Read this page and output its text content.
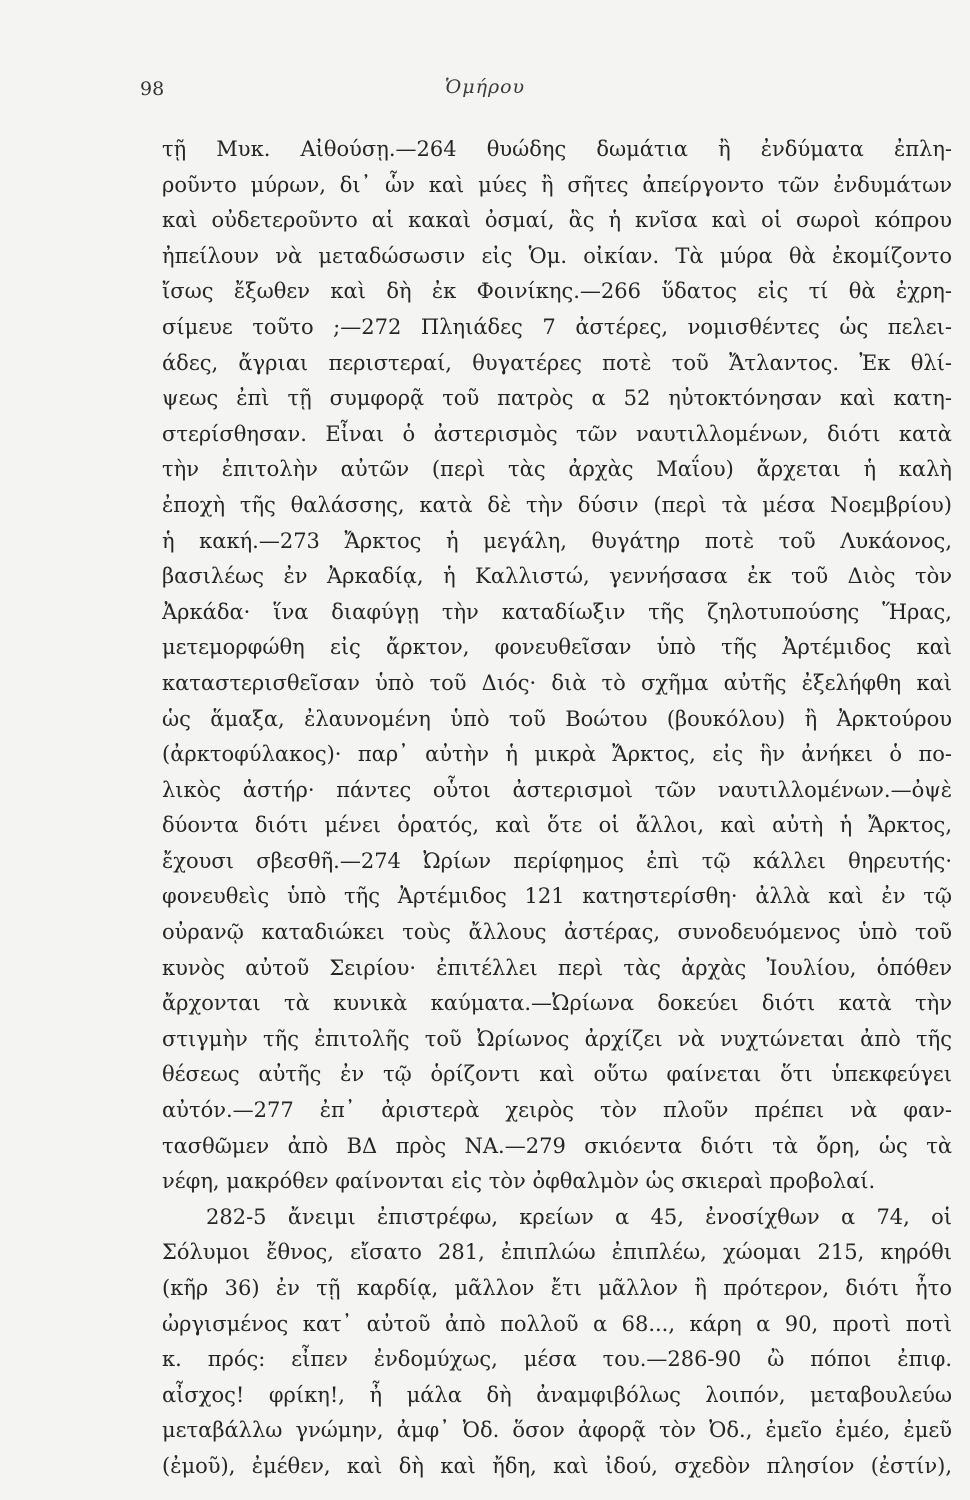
98	Ὁμήρου
τῇ Μυκ. Αἰθούσῃ.—264 θυώδης δωμάτια ἢ ἐνδύματα ἐπλη-
ροῦντο μύρων, δι᾽ ὧν καὶ μύες ἢ σῆτες ἀπείργοντο τῶν ἐνδυμάτων
καὶ οὐδετεροῦντο αἱ κακαὶ ὀσμαί, ἃς ἡ κνῖσα καὶ οἱ σωροὶ κόπρου
ἠπείλουν νὰ μεταδώσωσιν εἰς Ὁμ. οἰκίαν. Τὰ μύρα θὰ ἐκομίζοντο
ἴσως ἔξωθεν καὶ δὴ ἐκ Φοινίκης.—266 ὕδατος εἰς τί θὰ ἐχρη-
σίμευε τοῦτο ;—272 Πληιάδες 7 ἀστέρες, νομισθέντες ὡς πελει-
άδες, ἄγριαι περιστεραί, θυγατέρες ποτὲ τοῦ Ἄτλαντος. Ἐκ θλί-
ψεως ἐπὶ τῇ συμφορᾷ τοῦ πατρὸς α 52 ηὐτοκτόνησαν καὶ κατη-
στερίσθησαν. Εἶναι ὁ ἀστερισμὸς τῶν ναυτιλλομένων, διότι κατὰ
τὴν ἐπιτολὴν αὐτῶν (περὶ τὰς ἀρχὰς Μαΐου) ἄρχεται ἡ καλὴ
ἐποχὴ τῆς θαλάσσης, κατὰ δὲ τὴν δύσιν (περὶ τὰ μέσα Νοεμβρίου)
ἡ κακή.—273 Ἄρκτος ἡ μεγάλη, θυγάτηρ ποτὲ τοῦ Λυκάονος,
βασιλέως ἐν Ἀρκαδίᾳ, ἡ Καλλιστώ, γεννήσασα ἐκ τοῦ Διὸς τὸν
Ἀρκάδα· ἵνα διαφύγῃ τὴν καταδίωξιν τῆς ζηλοτυπούσης Ἥρας,
μετεμορφώθη εἰς ἄρκτον, φονευθεῖσαν ὑπὸ τῆς Ἀρτέμιδος καὶ
καταστερισθεῖσαν ὑπὸ τοῦ Διός· διὰ τὸ σχῆμα αὐτῆς ἐξελήφθη καὶ
ὡς ἅμαξα, ἐλαυνομένη ὑπὸ τοῦ Βοώτου (βουκόλου) ἢ Ἀρκτούρου
(ἀρκτοφύλακος)· παρ᾽ αὐτὴν ἡ μικρὰ Ἄρκτος, εἰς ἣν ἀνήκει ὁ πο-
λικὸς ἀστήρ· πάντες οὗτοι ἀστερισμοὶ τῶν ναυτιλλομένων.—ὀψὲ
δύοντα διότι μένει ὁρατός, καὶ ὅτε οἱ ἄλλοι, καὶ αὐτὴ ἡ Ἄρκτος,
ἔχουσι σβεσθῆ.—274 Ὠρίων περίφημος ἐπὶ τῷ κάλλει θηρευτής·
φονευθεὶς ὑπὸ τῆς Ἀρτέμιδος 121 κατηστερίσθη· ἀλλὰ καὶ ἐν τῷ
οὐρανῷ καταδιώκει τοὺς ἄλλους ἀστέρας, συνοδευόμενος ὑπὸ τοῦ
κυνὸς αὐτοῦ Σειρίου· ἐπιτέλλει περὶ τὰς ἀρχὰς Ἰουλίου, ὁπόθεν
ἄρχονται τὰ κυνικὰ καύματα.—Ὠρίωνα δοκεύει διότι κατὰ τὴν
στιγμὴν τῆς ἐπιτολῆς τοῦ Ὠρίωνος ἀρχίζει νὰ νυχτώνεται ἀπὸ τῆς
θέσεως αὐτῆς ἐν τῷ ὁρίζοντι καὶ οὕτω φαίνεται ὅτι ὑπεκφεύγει
αὐτόν.—277 ἐπ᾽ ἀριστερὰ χειρὸς τὸν πλοῦν πρέπει νὰ φαν-
τασθῶμεν ἀπὸ ΒΔ πρὸς ΝΑ.—279 σκιόεντα διότι τὰ ὄρη, ὡς τὰ
νέφη, μακρόθεν φαίνονται εἰς τὸν ὀφθαλμὸν ὡς σκιεραὶ προβολαί.
282-5 ἄνειμι ἐπιστρέφω, κρείων α 45, ἐνοσίχθων α 74, οἱ
Σόλυμοι ἔθνος, εἴσατο 281, ἐπιπλώω ἐπιπλέω, χώομαι 215, κηρόθι
(κῆρ 36) ἐν τῇ καρδίᾳ, μᾶλλον ἔτι μᾶλλον ἢ πρότερον, διότι ἦτο
ὠργισμένος κατ᾽ αὐτοῦ ἀπὸ πολλοῦ α 68..., κάρη α 90, προτὶ ποτὶ
κ. πρός: εἶπεν ἐνδομύχως, μέσα του.—286-90 ὢ πόποι ἐπιφ.
αἶσχος! φρίκη!, ἦ μάλα δὴ ἀναμφιβόλως λοιπόν, μεταβουλεύω
μεταβάλλω γνώμην, ἀμφ᾽ Ὀδ. ὅσον ἀφορᾷ τὸν Ὀδ., ἐμεῖο ἐμέο, ἐμεῦ
(ἐμοῦ), ἐμέθεν, καὶ δὴ καὶ ἤδη, καὶ ἰδού, σχεδὸν πλησίον (ἐστίν),
